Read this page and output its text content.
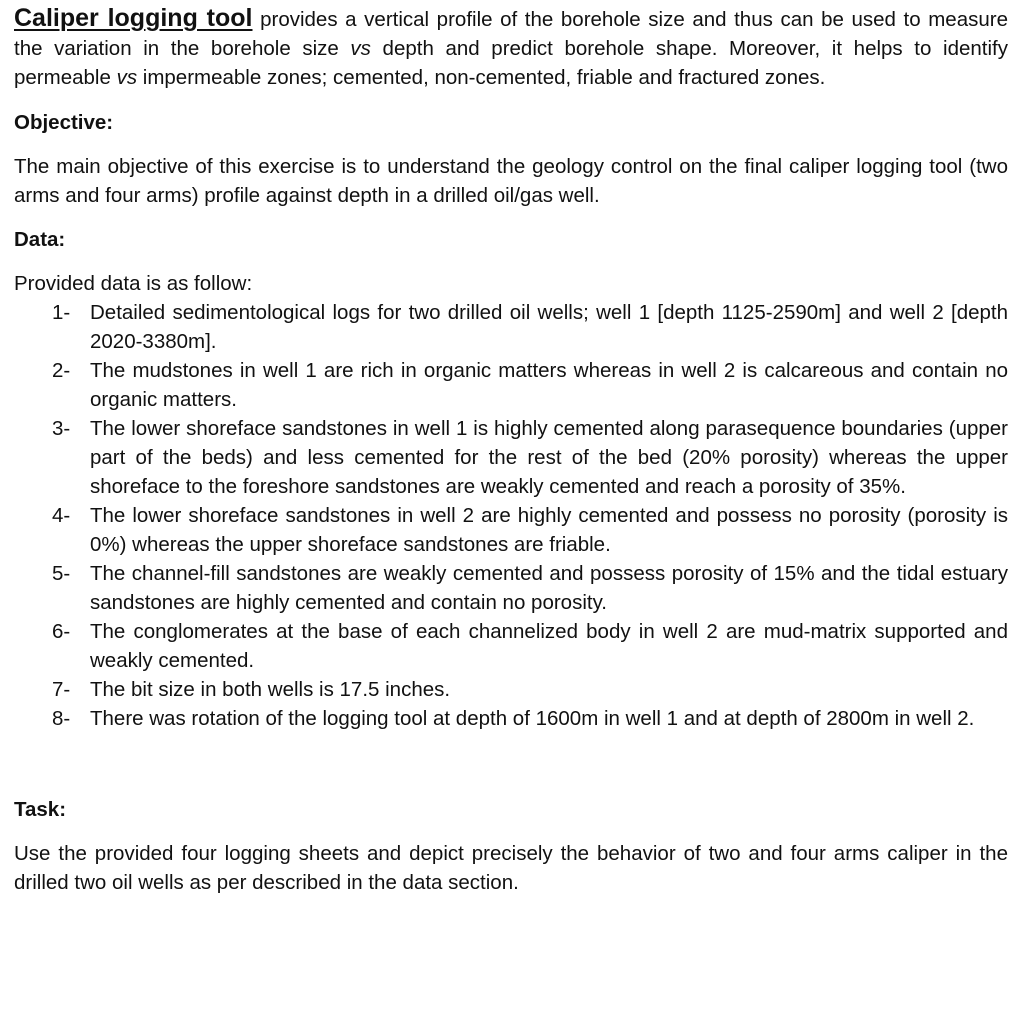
Caliper logging tool provides a vertical profile of the borehole size and thus can be used to measure the variation in the borehole size vs depth and predict borehole shape. Moreover, it helps to identify permeable vs impermeable zones; cemented, non-cemented, friable and fractured zones.

Objective:

The main objective of this exercise is to understand the geology control on the final caliper logging tool (two arms and four arms) profile against depth in a drilled oil/gas well.

Data:

Provided data is as follow:

1- Detailed sedimentological logs for two drilled oil wells; well 1 [depth 1125-2590m] and well 2 [depth 2020-3380m].
2- The mudstones in well 1 are rich in organic matters whereas in well 2 is calcareous and contain no organic matters.
3- The lower shoreface sandstones in well 1 is highly cemented along parasequence boundaries (upper part of the beds) and less cemented for the rest of the bed (20% porosity) whereas the upper shoreface to the foreshore sandstones are weakly cemented and reach a porosity of 35%.
4- The lower shoreface sandstones in well 2 are highly cemented and possess no porosity (porosity is 0%) whereas the upper shoreface sandstones are friable.
5- The channel-fill sandstones are weakly cemented and possess porosity of 15% and the tidal estuary sandstones are highly cemented and contain no porosity.
6- The conglomerates at the base of each channelized body in well 2 are mud-matrix supported and weakly cemented.
7- The bit size in both wells is 17.5 inches.
8- There was rotation of the logging tool at depth of 1600m in well 1 and at depth of 2800m in well 2.

Task:

Use the provided four logging sheets and depict precisely the behavior of two and four arms caliper in the drilled two oil wells as per described in the data section.
